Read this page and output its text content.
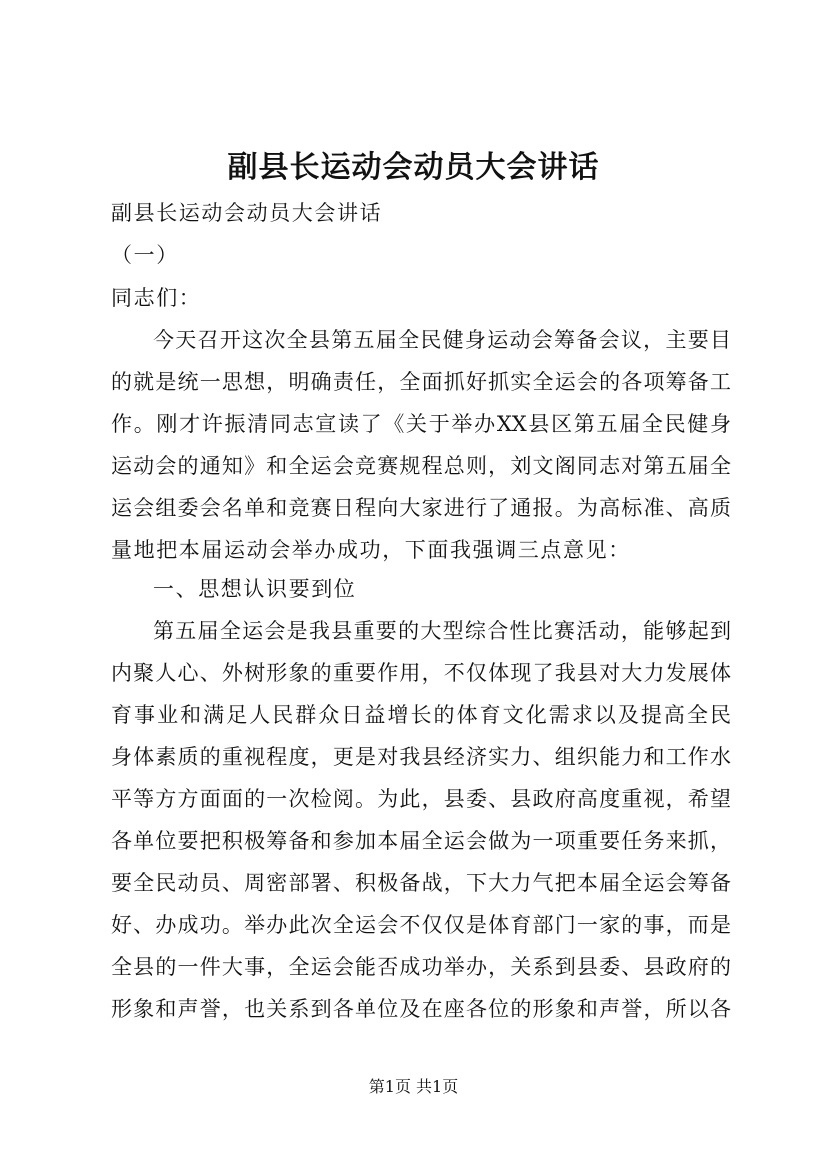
副县长运动会动员大会讲话

副县长运动会动员大会讲话

（一）

同志们：

今天召开这次全县第五届全民健身运动会筹备会议，主要目

的就是统一思想，明确责任，全面抓好抓实全运会的各项筹备工

作。刚才许振清同志宣读了《关于举办XX县区第五届全民健身

运动会的通知》和全运会竞赛规程总则，刘文阁同志对第五届全

运会组委会名单和竞赛日程向大家进行了通报。为高标准、高质

量地把本届运动会举办成功，下面我强调三点意见：

一、思想认识要到位

第五届全运会是我县重要的大型综合性比赛活动，能够起到

内聚人心、外树形象的重要作用，不仅体现了我县对大力发展体

育事业和满足人民群众日益增长的体育文化需求以及提高全民

身体素质的重视程度，更是对我县经济实力、组织能力和工作水

平等方方面面的一次检阅。为此，县委、县政府高度重视，希望

各单位要把积极筹备和参加本届全运会做为一项重要任务来抓，

要全民动员、周密部署、积极备战，下大力气把本届全运会筹备

好、办成功。举办此次全运会不仅仅是体育部门一家的事，而是

全县的一件大事，全运会能否成功举办，关系到县委、县政府的

形象和声誉，也关系到各单位及在座各位的形象和声誉，所以各

第1页 共1页
